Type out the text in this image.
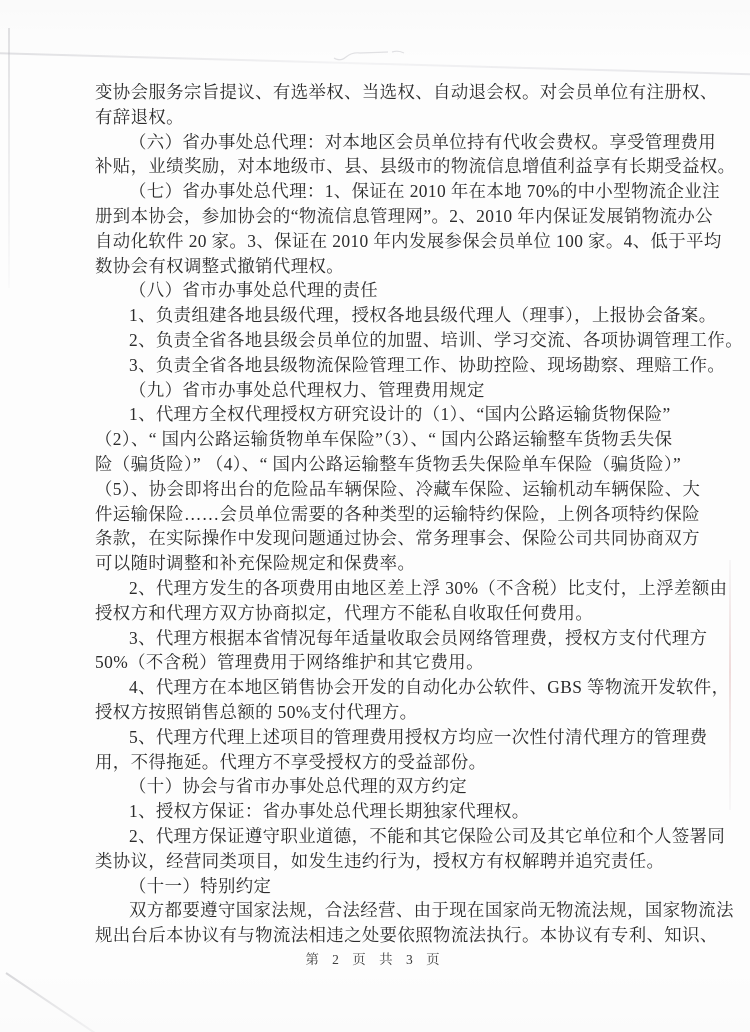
变协会服务宗旨提议、有选举权、当选权、自动退会权。对会员单位有注册权、

有辞退权。

（六）省办事处总代理：对本地区会员单位持有代收会费权。享受管理费用

补贴，业绩奖励，对本地级市、县、县级市的物流信息增值利益享有长期受益权。

（七）省办事处总代理：1、保证在 2010 年在本地 70%的中小型物流企业注

册到本协会，参加协会的“物流信息管理网”。2、2010 年内保证发展销物流办公

自动化软件 20 家。3、保证在 2010 年内发展参保会员单位 100 家。4、低于平均

数协会有权调整式撤销代理权。

（八）省市办事处总代理的责任

1、负责组建各地县级代理，授权各地县级代理人（理事），上报协会备案。

2、负责全省各地县级会员单位的加盟、培训、学习交流、各项协调管理工作。

3、负责全省各地县级物流保险管理工作、协助控险、现场勘察、理赔工作。

（九）省市办事处总代理权力、管理费用规定

1、代理方全权代理授权方研究设计的（1）、“国内公路运输货物保险”

（2）、“ 国内公路运输货物单车保险”（3）、“ 国内公路运输整车货物丢失保

险（骗货险）” （4）、“ 国内公路运输整车货物丢失保险单车保险（骗货险）”

（5）、协会即将出台的危险品车辆保险、冷藏车保险、运输机动车辆保险、大

件运输保险……会员单位需要的各种类型的运输特约保险，上例各项特约保险

条款，在实际操作中发现问题通过协会、常务理事会、保险公司共同协商双方

可以随时调整和补充保险规定和保费率。

2、代理方发生的各项费用由地区差上浮 30%（不含税）比支付，上浮差额由

授权方和代理方双方协商拟定，代理方不能私自收取任何费用。

3、代理方根据本省情况每年适量收取会员网络管理费，授权方支付代理方

50%（不含税）管理费用于网络维护和其它费用。

4、代理方在本地区销售协会开发的自动化办公软件、GBS 等物流开发软件，

授权方按照销售总额的 50%支付代理方。

5、代理方代理上述项目的管理费用授权方均应一次性付清代理方的管理费

用，不得拖延。代理方不享受授权方的受益部份。

（十）协会与省市办事处总代理的双方约定

1、授权方保证：省办事处总代理长期独家代理权。

2、代理方保证遵守职业道德，不能和其它保险公司及其它单位和个人签署同

类协议，经营同类项目，如发生违约行为，授权方有权解聘并追究责任。

（十一）特别约定

双方都要遵守国家法规，合法经营、由于现在国家尚无物流法规，国家物流法

规出台后本协议有与物流法相违之处要依照物流法执行。本协议有专利、知识、

第 2 页 共 3 页
